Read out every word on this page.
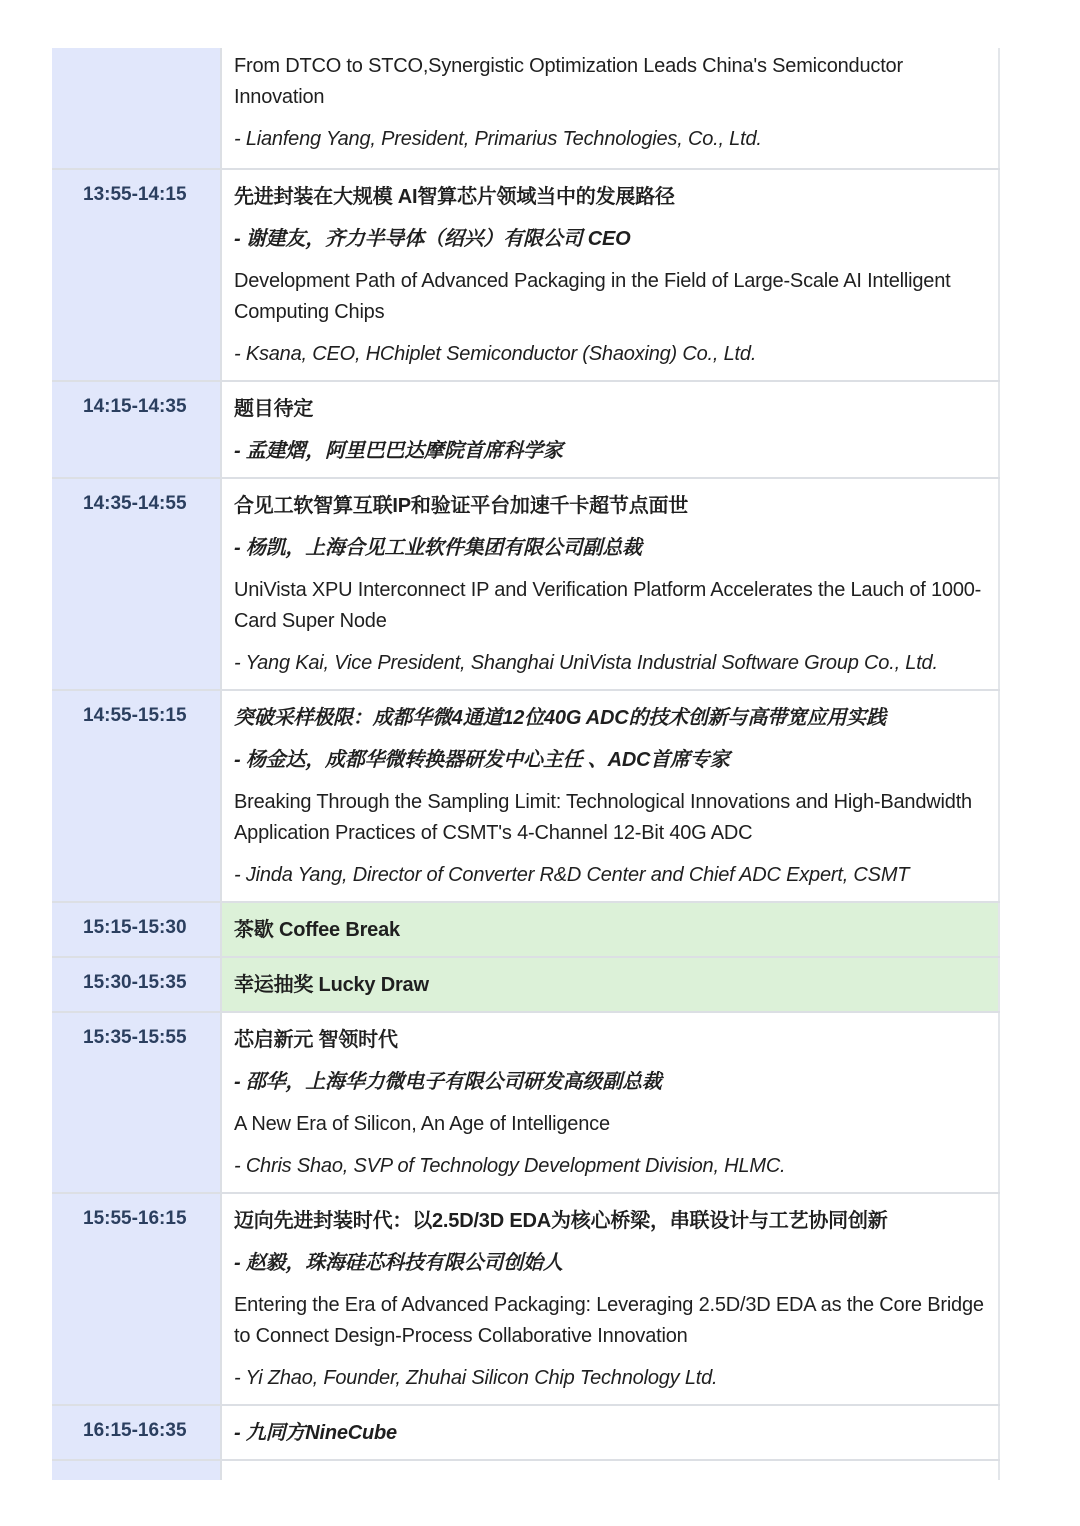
From DTCO to STCO,Synergistic Optimization Leads China's Semiconductor Innovation
- Lianfeng Yang, President, Primarius Technologies, Co., Ltd.
13:55-14:15	先进封装在大规模 AI智算芯片领域当中的发展路径
- 谢建友，齐力半导体（绍兴）有限公司 CEO
Development Path of Advanced Packaging in the Field of Large-Scale AI Intelligent Computing Chips
- Ksana, CEO, HChiplet Semiconductor (Shaoxing) Co., Ltd.
14:15-14:35	题目待定
- 孟建熠，阿里巴巴达摩院首席科学家
14:35-14:55	合见工软智算互联IP和验证平台加速千卡超节点面世
- 杨凯，上海合见工业软件集团有限公司副总裁
UniVista XPU Interconnect IP and Verification Platform Accelerates the Lauch of 1000-Card Super Node
- Yang Kai, Vice President, Shanghai UniVista Industrial Software Group Co., Ltd.
14:55-15:15	突破采样极限：成都华微4通道12位40G ADC的技术创新与高带宽应用实践
- 杨金达，成都华微转换器研发中心主任 、ADC首席专家
Breaking Through the Sampling Limit: Technological Innovations and High-Bandwidth Application Practices of CSMT's 4-Channel 12-Bit 40G ADC
- Jinda Yang, Director of Converter R&D Center and Chief ADC Expert, CSMT
15:15-15:30	茶歇 Coffee Break
15:30-15:35	幸运抽奖 Lucky Draw
15:35-15:55	芯启新元 智领时代
- 邵华，上海华力微电子有限公司研发高级副总裁
A New Era of Silicon, An Age of Intelligence
- Chris Shao, SVP of Technology Development Division, HLMC.
15:55-16:15	迈向先进封装时代：以2.5D/3D EDA为核心桥梁，串联设计与工艺协同创新
- 赵毅，珠海硅芯科技有限公司创始人
Entering the Era of Advanced Packaging: Leveraging 2.5D/3D EDA as the Core Bridge to Connect Design-Process Collaborative Innovation
- Yi Zhao, Founder, Zhuhai Silicon Chip Technology Ltd.
16:15-16:35	- 九同方NineCube
